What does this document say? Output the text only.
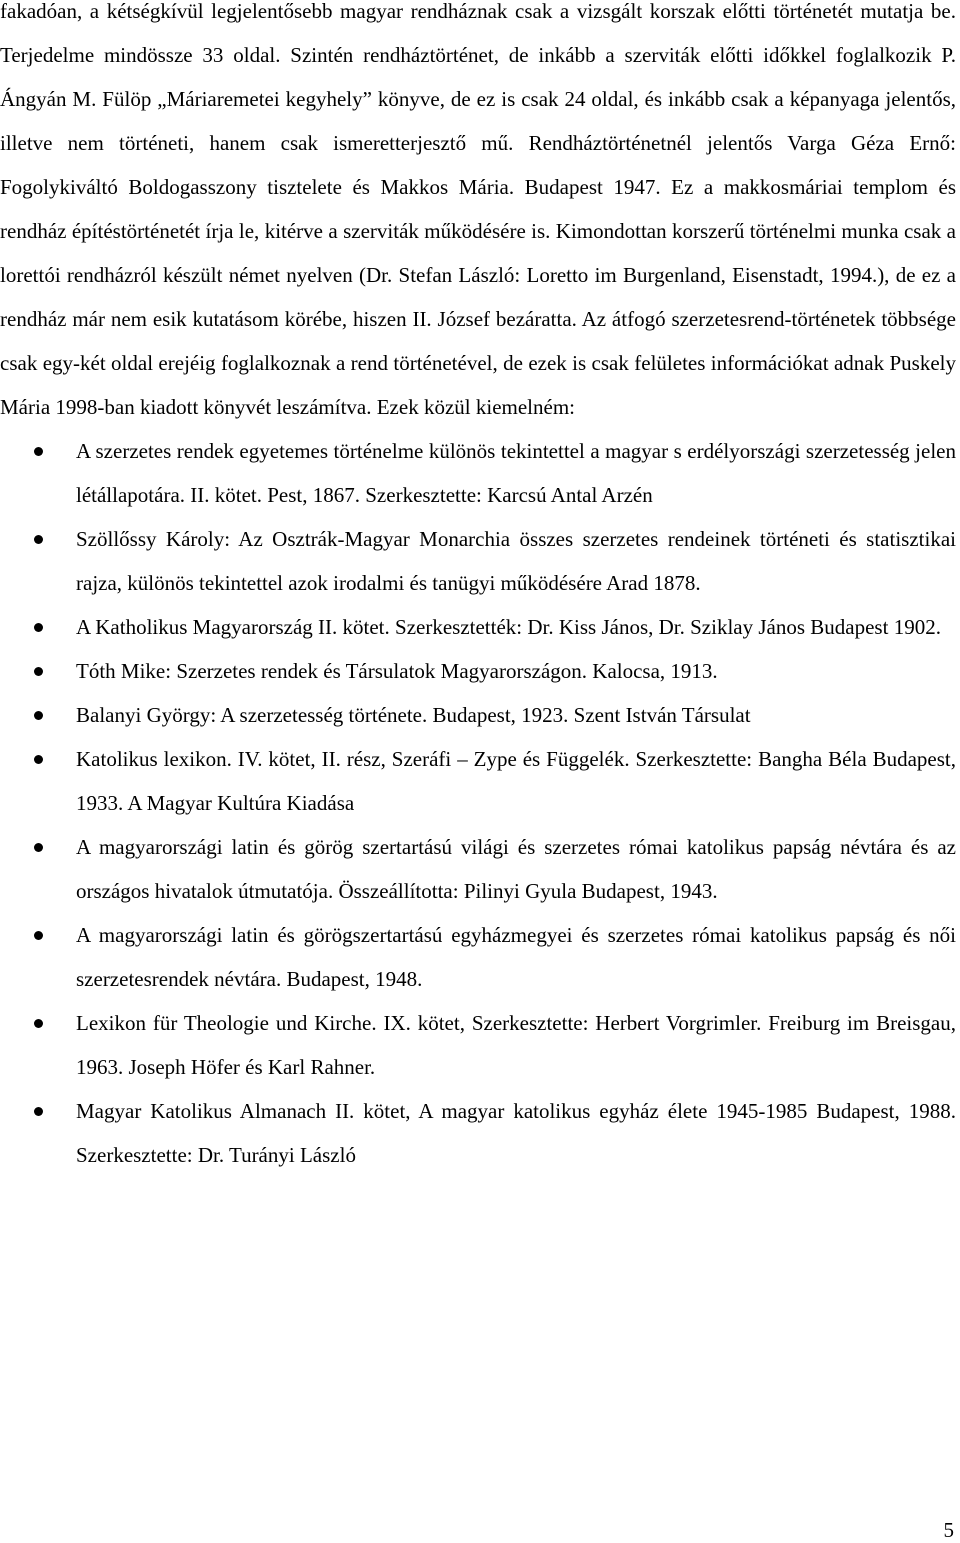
fakadóan, a kétségkívül legjelentősebb magyar rendháznak csak a vizsgált korszak előtti történetét mutatja be. Terjedelme mindössze 33 oldal. Szintén rendháztörténet, de inkább a szerviták előtti időkkel foglalkozik P. Ángyán M. Fülöp „Máriaremetei kegyhely” könyve, de ez is csak 24 oldal, és inkább csak a képanyaga jelentős, illetve nem történeti, hanem csak ismeretterjesztő mű. Rendháztörténetnél jelentős Varga Géza Ernő: Fogolykiváltó Boldogasszony tisztelete és Makkos Mária. Budapest 1947. Ez a makkosmáriai templom és rendház építéstörténetét írja le, kitérve a szerviták működésére is. Kimondottan korszerű történelmi munka csak a lorettói rendházról készült német nyelven (Dr. Stefan László: Loretto im Burgenland, Eisenstadt, 1994.), de ez a rendház már nem esik kutatásom körébe, hiszen II. József bezáratta. Az átfogó szerzetesrend-történetek többsége csak egy-két oldal erejéig foglalkoznak a rend történetével, de ezek is csak felületes információkat adnak Puskely Mária 1998-ban kiadott könyvét leszámítva. Ezek közül kiemelném:

A szerzetes rendek egyetemes történelme különös tekintettel a magyar s erdélyországi szerzetesség jelen létállapotára. II. kötet. Pest, 1867. Szerkesztette: Karcsú Antal Arzén
Szöllőssy Károly: Az Osztrák-Magyar Monarchia összes szerzetes rendeinek történeti és statisztikai rajza, különös tekintettel azok irodalmi és tanügyi működésére Arad 1878.
A Katholikus Magyarország II. kötet. Szerkesztették: Dr. Kiss János, Dr. Sziklay János Budapest 1902.
Tóth Mike: Szerzetes rendek és Társulatok Magyarországon. Kalocsa, 1913.
Balanyi György: A szerzetesség története. Budapest, 1923. Szent István Társulat
Katolikus lexikon. IV. kötet, II. rész, Szeráfi – Zype és Függelék. Szerkesztette: Bangha Béla Budapest, 1933. A Magyar Kultúra Kiadása
A magyarországi latin és görög szertartású világi és szerzetes római katolikus papság névtára és az országos hivatalok útmutatója. Összeállította: Pilinyi Gyula Budapest, 1943.
A magyarországi latin és görögszertartású egyházmegyei és szerzetes római katolikus papság és női szerzetesrendek névtára. Budapest, 1948.
Lexikon für Theologie und Kirche. IX. kötet, Szerkesztette: Herbert Vorgrimler. Freiburg im Breisgau, 1963. Joseph Höfer és Karl Rahner.
Magyar Katolikus Almanach II. kötet, A magyar katolikus egyház élete 1945-1985 Budapest, 1988. Szerkesztette: Dr. Turányi László
5
